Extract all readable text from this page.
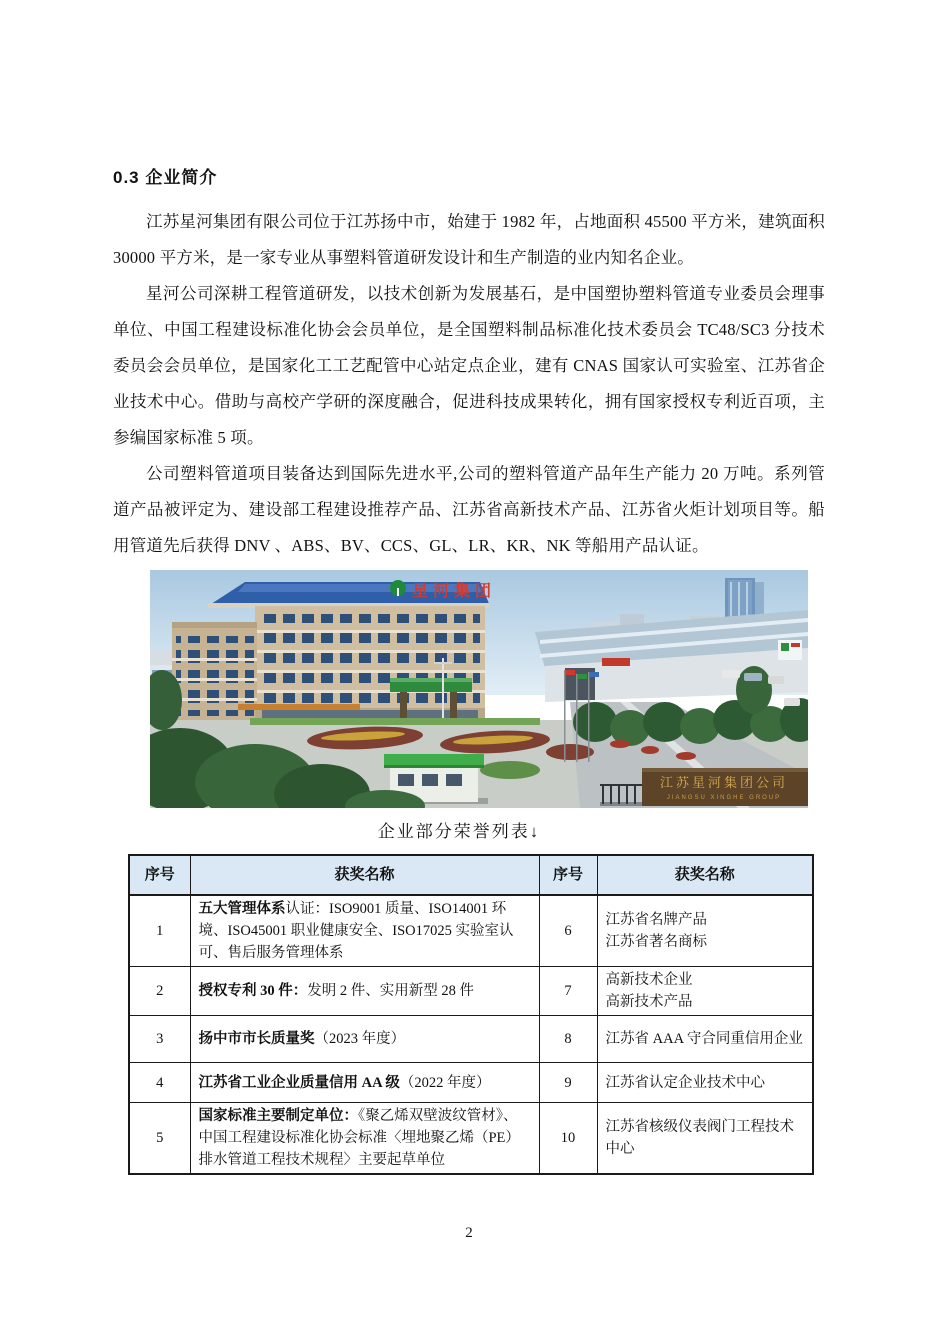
0.3 企业简介

江苏星河集团有限公司位于江苏扬中市，始建于 1982 年，占地面积 45500 平方米，建筑面积 30000 平方米，是一家专业从事塑料管道研发设计和生产制造的业内知名企业。

星河公司深耕工程管道研发，以技术创新为发展基石，是中国塑协塑料管道专业委员会理事单位、中国工程建设标准化协会会员单位，是全国塑料制品标准化技术委员会 TC48/SC3 分技术委员会会员单位，是国家化工工艺配管中心站定点企业，建有 CNAS 国家认可实验室、江苏省企业技术中心。借助与高校产学研的深度融合，促进科技成果转化，拥有国家授权专利近百项，主参编国家标准 5 项。

公司塑料管道项目装备达到国际先进水平,公司的塑料管道产品年生产能力 20 万吨。系列管道产品被评定为、建设部工程建设推荐产品、江苏省高新技术产品、江苏省火炬计划项目等。船用管道先后获得 DNV 、ABS、BV、CCS、GL、LR、KR、NK 等船用产品认证。

星河集团
江苏星河集团公司
JIANGSU XINGHE GROUP
企业部分荣誉列表↓
序号	获奖名称	序号	获奖名称
1	五大管理体系认证：ISO9001 质量、ISO14001 环境、ISO45001 职业健康安全、ISO17025 实验室认可、售后服务管理体系	6	江苏省名牌产品
江苏省著名商标

2	授权专利 30 件：发明 2 件、实用新型 28 件	7	高新技术企业
高新技术产品

3	扬中市市长质量奖（2023 年度）	8	江苏省 AAA 守合同重信用企业

4	江苏省工业企业质量信用 AA 级（2022 年度）	9	江苏省认定企业技术中心

5	国家标准主要制定单位：《聚乙烯双壁波纹管材》、中国工程建设标准化协会标准〈埋地聚乙烯（PE）排水管道工程技术规程〉主要起草单位	10	江苏省核级仪表阀门工程技术中心
2
